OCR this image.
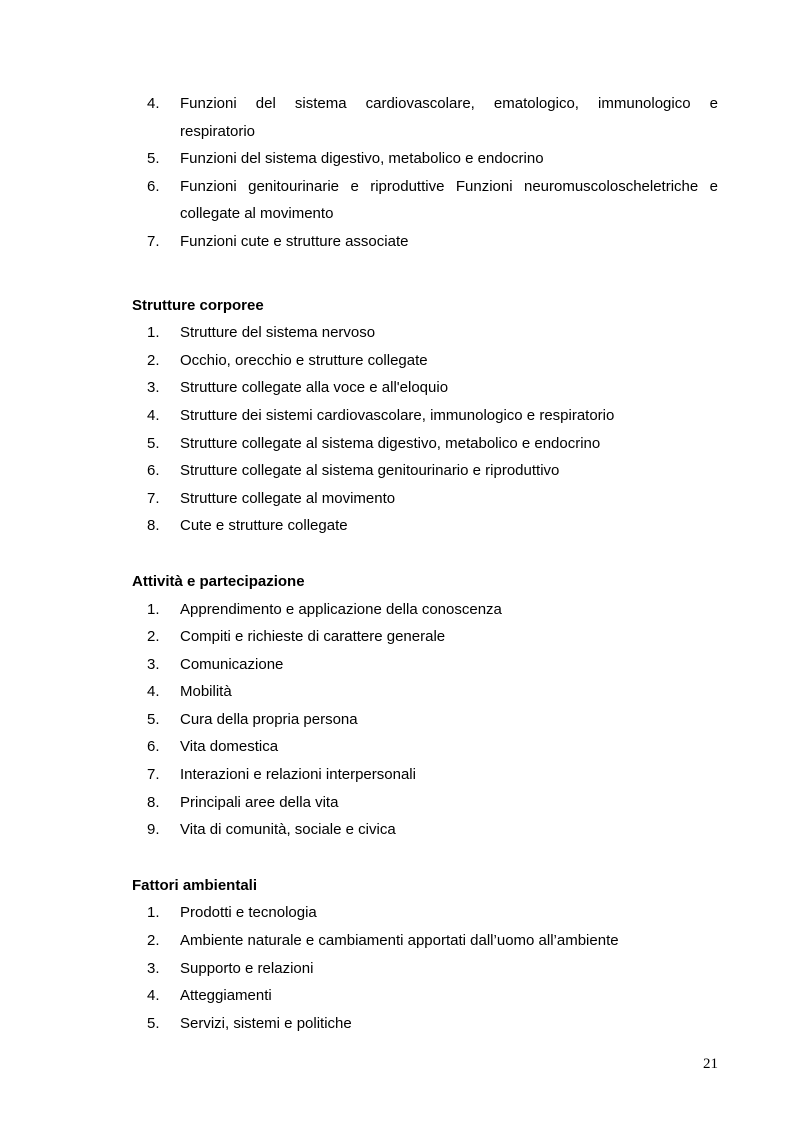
4.	Funzioni del sistema cardiovascolare, ematologico, immunologico e
respiratorio
5.	Funzioni del sistema digestivo, metabolico e endocrino
6.	Funzioni genitourinarie e riproduttive Funzioni neuromuscoloscheletriche e
collegate al movimento
7.	Funzioni cute e strutture associate

Strutture corporee

1.	Strutture del sistema nervoso
2.	Occhio, orecchio e strutture collegate
3.	Strutture collegate alla voce e all'eloquio
4.	Strutture dei sistemi cardiovascolare, immunologico e respiratorio
5.	Strutture collegate al sistema digestivo, metabolico e endocrino
6.	Strutture collegate al sistema genitourinario e riproduttivo
7.	Strutture collegate al movimento
8.	Cute e strutture collegate

Attività e partecipazione

1.	Apprendimento e applicazione della conoscenza
2.	Compiti e richieste di carattere generale
3.	Comunicazione
4.	Mobilità
5.	Cura della propria persona
6.	Vita domestica
7.	Interazioni e relazioni interpersonali
8.	Principali aree della vita
9.	Vita di comunità, sociale e civica

Fattori ambientali

1.	Prodotti e tecnologia
2.	Ambiente naturale e cambiamenti apportati dall’uomo all’ambiente
3.	Supporto e relazioni
4.	Atteggiamenti
5.	Servizi, sistemi e politiche
21
